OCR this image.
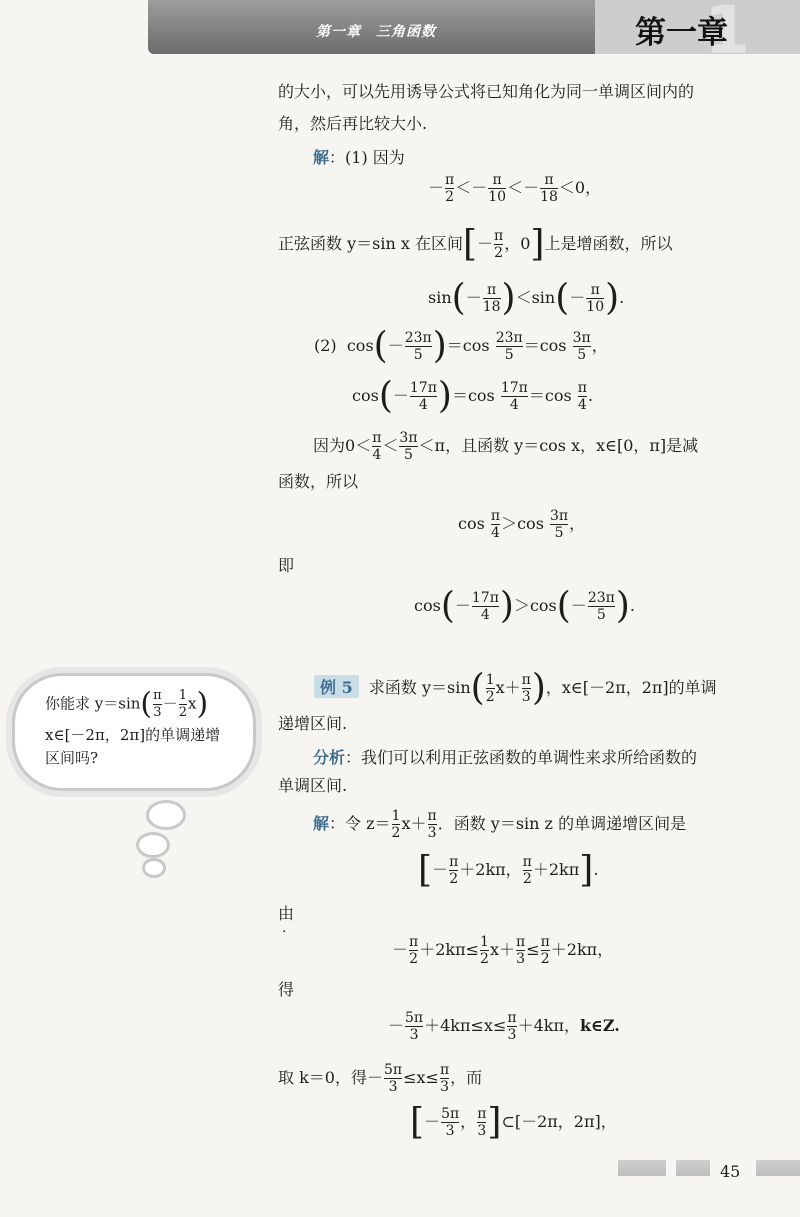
第一章　三角函数	1
第一章
的大小，可以先用诱导公式将已知角化为同一单调区间内的
角，然后再比较大小.
解：(1) 因为
－ $\frac{\pi}{2} <- \frac{\pi}{10} <- \frac{\pi}{18} <0$，
正弦函数 y＝sin x 在区间[－ $\frac{\pi}{2}$ ，0]上是增函数，所以
$\sin(- \frac{\pi}{18} )<\sin(- \frac{\pi}{10}$ ).
(2)  $\cos(- \frac{23\pi}{5} )=\cos \frac{23\pi}{5} =\cos \frac{3\pi}{5}$ ，
$\cos(- \frac{17\pi}{4} )=\cos \frac{17\pi}{4} =\cos \frac{\pi}{4}$ .
因为$0< \frac{\pi}{4} < \frac{3\pi}{5} <\pi$，且函数 y＝cos x，x∈[0，π]是减
函数，所以
$\cos \frac{\pi}{4} >\cos \frac{3\pi}{5}$ ，
即
$\cos(- \frac{17\pi}{4} )>\cos(- \frac{23\pi}{5}$ ).
例 5 求函数 $y=\sin( \frac{1}{2} x+ \frac{\pi}{3}$ )，x∈[－2π，2π]的单调
递增区间.
分析：我们可以利用正弦函数的单调性来求所给函数的
单调区间.
解：令 $z= \frac{1}{2} x+ \frac{\pi}{3}$ ．函数 y＝sin z 的单调递增区间是
[－ $\frac{\pi}{2} +2k\pi$， $\frac{\pi}{2} +2k\pi$].
由
·
－ $\frac{\pi}{2} +2k\pi\le \frac{1}{2} x+ \frac{\pi}{3} \le \frac{\pi}{2} +2k\pi$，
得
－ $\frac{5\pi}{3} +4k\pi\le x\le \frac{\pi}{3} +4k\pi$，k∈Z.
取 k＝0，得－ $\frac{5\pi}{3} \le x\le \frac{\pi}{3}$ ，而
[－ $\frac{5\pi}{3}$ ， $\frac{\pi}{3}$ ]⊂[－2π，2π]，
你能求 $y=\sin( \frac{\pi}{3} - \frac{1}{2} x)$
x∈[－2π，2π]的单调递增
区间吗?
45
